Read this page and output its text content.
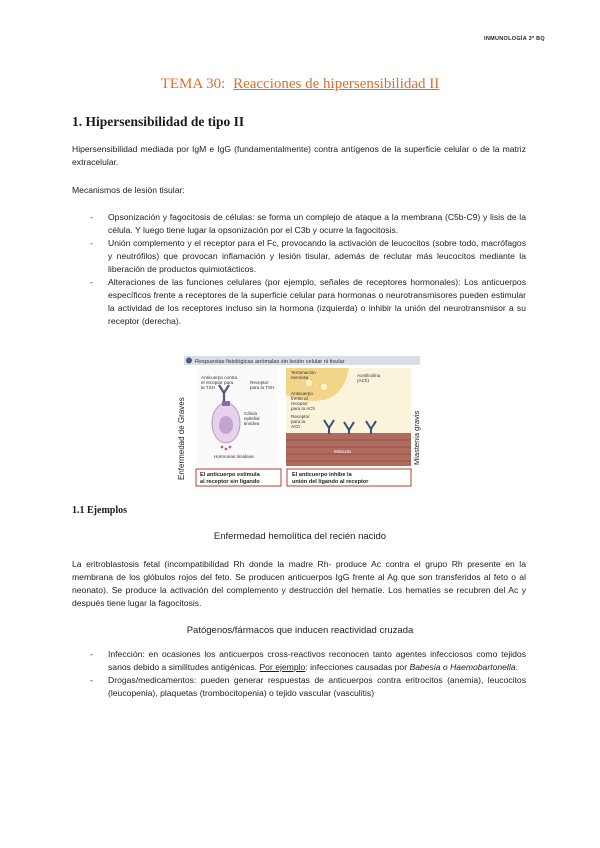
INMUNOLOGÍA 3º BQ
TEMA 30: Reacciones de hipersensibilidad II
1. Hipersensibilidad de tipo II
Hipersensibilidad mediada por IgM e IgG (fundamentalmente) contra antígenos de la superficie celular o de la matriz extracelular.
Mecanismos de lesión tisular:
- Opsonización y fagocitosis de células: se forma un complejo de ataque a la membrana (C5b-C9) y lisis de la célula. Y luego tiene lugar la opsonización por el C3b y ocurre la fagocitosis.
- Unión complemento y el receptor para el Fc, provocando la activación de leucocitos (sobre todo, macrófagos y neutrófilos) que provocan inflamación y lesión tisular, además de reclutar más leucocitos mediante la liberación de productos quimiotácticos.
- Alteraciones de las funciones celulares (por ejemplo, señales de receptores hormonales): Los anticuerpos específicos frente a receptores de la superficie celular para hormonas o neurotransmisores pueden estimular la actividad de los receptores incluso sin la hormona (izquierda) o inhibir la unión del neurotransmisor a su receptor (derecha).
Respuestas fisiológicas anómalas sin lesión celular ni tisular
Enfermedad de Graves	Miastenia gravis
Anticuerpo contra
el receptor para
la TSH
Receptor
para la TSH
Célula
epitelial
tiroidea
Hormonas tiroideas
El anticuerpo estimula
al receptor sin ligando
Terminación
nerviosa	Acetilcolina
(ACh)
Anticuerpo
frente al
receptor
para la ACh
Receptor
para la
ACh
Músculo
El anticuerpo inhibe la
unión del ligando al receptor
1.1 Ejemplos
Enfermedad hemolítica del recién nacido
La eritroblastosis fetal (incompatibilidad Rh donde la madre Rh- produce Ac contra el grupo Rh presente en la membrana de los glóbulos rojos del feto. Se producen anticuerpos IgG frente al Ag que son transferidos al feto o al neonato). Se produce la activación del complemento y destrucción del hematíe. Los hematíes se recubren del Ac y después tiene lugar la fagocitosis.
Patógenos/fármacos que inducen reactividad cruzada
- Infección: en ocasiones los anticuerpos cross-reactivos reconocen tanto agentes infecciosos como tejidos sanos debido a similitudes antigénicas. Por ejemplo: infecciones causadas por Babesia o Haemobartonella.
- Drogas/medicamentos: pueden generar respuestas de anticuerpos contra eritrocitos (anemia), leucocitos (leucopenia), plaquetas (trombocitopenia) o tejido vascular (vasculitis)
